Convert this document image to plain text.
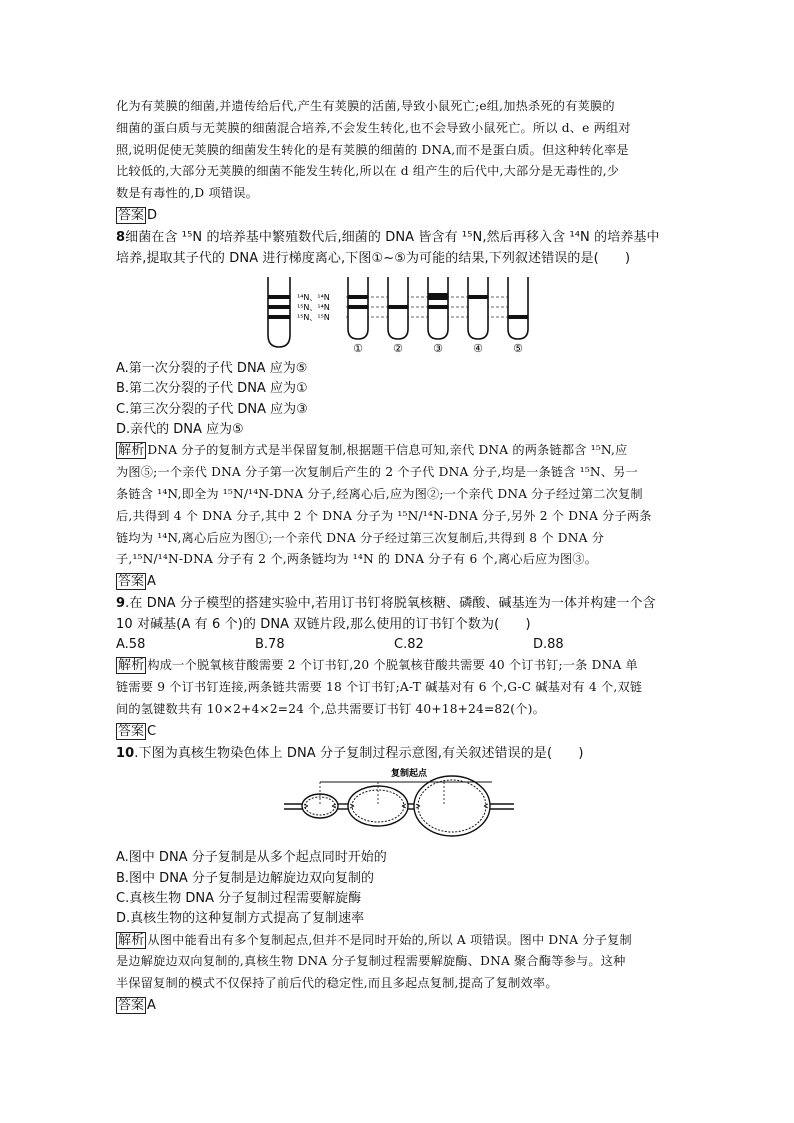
化为有荚膜的细菌,并遗传给后代,产生有荚膜的活菌,导致小鼠死亡;e组,加热杀死的有荚膜的
细菌的蛋白质与无荚膜的细菌混合培养,不会发生转化,也不会导致小鼠死亡。所以 d、e 两组对
照,说明促使无荚膜的细菌发生转化的是有荚膜的细菌的 DNA,而不是蛋白质。但这种转化率是
比较低的,大部分无荚膜的细菌不能发生转化,所以在 d 组产生的后代中,大部分是无毒性的,少
数是有毒性的,D 项错误。
答案 D
8细菌在含 ¹⁵N 的培养基中繁殖数代后,细菌的 DNA 皆含有 ¹⁵N,然后再移入含 ¹⁴N 的培养基中
培养,提取其子代的 DNA 进行梯度离心,下图①~⑤为可能的结果,下列叙述错误的是(　　)
¹⁴N、¹⁴N
¹⁵N、¹⁴N
¹⁵N、¹⁵N
①	②	③	④	⑤
A.第一次分裂的子代 DNA 应为⑤
B.第二次分裂的子代 DNA 应为①
C.第三次分裂的子代 DNA 应为③
D.亲代的 DNA 应为⑤
解析 DNA 分子的复制方式是半保留复制,根据题干信息可知,亲代 DNA 的两条链都含 ¹⁵N,应
为图⑤;一个亲代 DNA 分子第一次复制后产生的 2 个子代 DNA 分子,均是一条链含 ¹⁵N、另一
条链含 ¹⁴N,即全为 ¹⁵N/¹⁴N-DNA 分子,经离心后,应为图②;一个亲代 DNA 分子经过第二次复制
后,共得到 4 个 DNA 分子,其中 2 个 DNA 分子为 ¹⁵N/¹⁴N-DNA 分子,另外 2 个 DNA 分子两条
链均为 ¹⁴N,离心后应为图①;一个亲代 DNA 分子经过第三次复制后,共得到 8 个 DNA 分
子,¹⁵N/¹⁴N-DNA 分子有 2 个,两条链均为 ¹⁴N 的 DNA 分子有 6 个,离心后应为图③。
答案 A
9.在 DNA 分子模型的搭建实验中,若用订书钉将脱氧核糖、磷酸、碱基连为一体并构建一个含
10 对碱基(A 有 6 个)的 DNA 双链片段,那么使用的订书钉个数为(　　)
A.58	B.78	C.82	D.88
解析 构成一个脱氧核苷酸需要 2 个订书钉,20 个脱氧核苷酸共需要 40 个订书钉;一条 DNA 单
链需要 9 个订书钉连接,两条链共需要 18 个订书钉;A-T 碱基对有 6 个,G-C 碱基对有 4 个,双链
间的氢键数共有 10×2+4×2=24 个,总共需要订书钉 40+18+24=82(个)。
答案 C
10.下图为真核生物染色体上 DNA 分子复制过程示意图,有关叙述错误的是(　　)
复制起点
A.图中 DNA 分子复制是从多个起点同时开始的
B.图中 DNA 分子复制是边解旋边双向复制的
C.真核生物 DNA 分子复制过程需要解旋酶
D.真核生物的这种复制方式提高了复制速率
解析 从图中能看出有多个复制起点,但并不是同时开始的,所以 A 项错误。图中 DNA 分子复制
是边解旋边双向复制的,真核生物 DNA 分子复制过程需要解旋酶、DNA 聚合酶等参与。这种
半保留复制的模式不仅保持了前后代的稳定性,而且多起点复制,提高了复制效率。
答案 A
